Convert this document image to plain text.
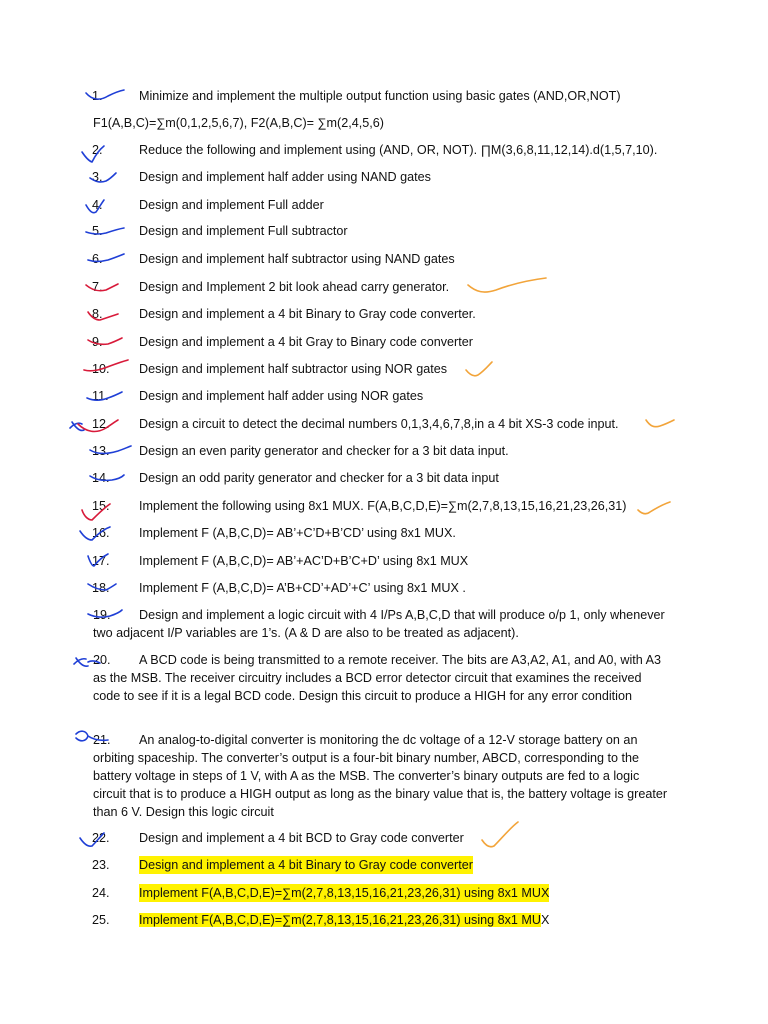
1.	Minimize and implement the multiple output function using basic gates (AND,OR,NOT)
F1(A,B,C)=∑m(0,1,2,5,6,7), F2(A,B,C)= ∑m(2,4,5,6)
2.	Reduce the following and implement using (AND, OR, NOT). ∏M(3,6,8,11,12,14).d(1,5,7,10).
3.	Design and implement half adder using NAND gates
4.	Design and implement Full adder
5.	Design and implement Full subtractor
6.	Design and implement half subtractor using NAND gates
7.	Design and Implement 2 bit look ahead carry generator.
8.	Design and implement a 4 bit Binary to Gray code converter.
9.	Design and implement a 4 bit Gray to Binary code converter
10.	Design and implement half subtractor using NOR gates
11.	Design and implement half adder using NOR gates
12.	Design a circuit to detect the decimal numbers 0,1,3,4,6,7,8,in a 4 bit XS-3 code input.
13.	Design an even parity generator and checker for a 3 bit data input.
14.	Design an odd parity generator and checker for a 3 bit data input
15.	Implement the following using 8x1 MUX. F(A,B,C,D,E)=∑m(2,7,8,13,15,16,21,23,26,31)
16.	Implement F (A,B,C,D)= AB’+C’D+B’CD’ using 8x1 MUX.
17.	Implement F (A,B,C,D)= AB’+AC’D+B’C+D’ using 8x1 MUX
18.	Implement F (A,B,C,D)= A’B+CD’+AD’+C’ using 8x1 MUX .
19. Design and implement a logic circuit with 4 I/Ps A,B,C,D that will produce o/p 1, only whenever two adjacent I/P variables are 1’s. (A & D are also to be treated as adjacent).
20. A BCD code is being transmitted to a remote receiver. The bits are A3,A2, A1, and A0, with A3 as the MSB. The receiver circuitry includes a BCD error detector circuit that examines the received code to see if it is a legal BCD code. Design this circuit to produce a HIGH for any error condition
21. An analog-to-digital converter is monitoring the dc voltage of a 12-V storage battery on an orbiting spaceship. The converter’s output is a four-bit binary number, ABCD, corresponding to the battery voltage in steps of 1 V, with A as the MSB. The converter’s binary outputs are fed to a logic circuit that is to produce a HIGH output as long as the binary value that is, the battery voltage is greater than 6 V. Design this logic circuit
22.	Design and implement a 4 bit BCD to Gray code converter
23.	Design and implement a 4 bit Binary to Gray code converter
24.	Implement F(A,B,C,D,E)=∑m(2,7,8,13,15,16,21,23,26,31) using 8x1 MUX
25.	Implement F(A,B,C,D,E)=∑m(2,7,8,13,15,16,21,23,26,31) using 8x1 MUX
